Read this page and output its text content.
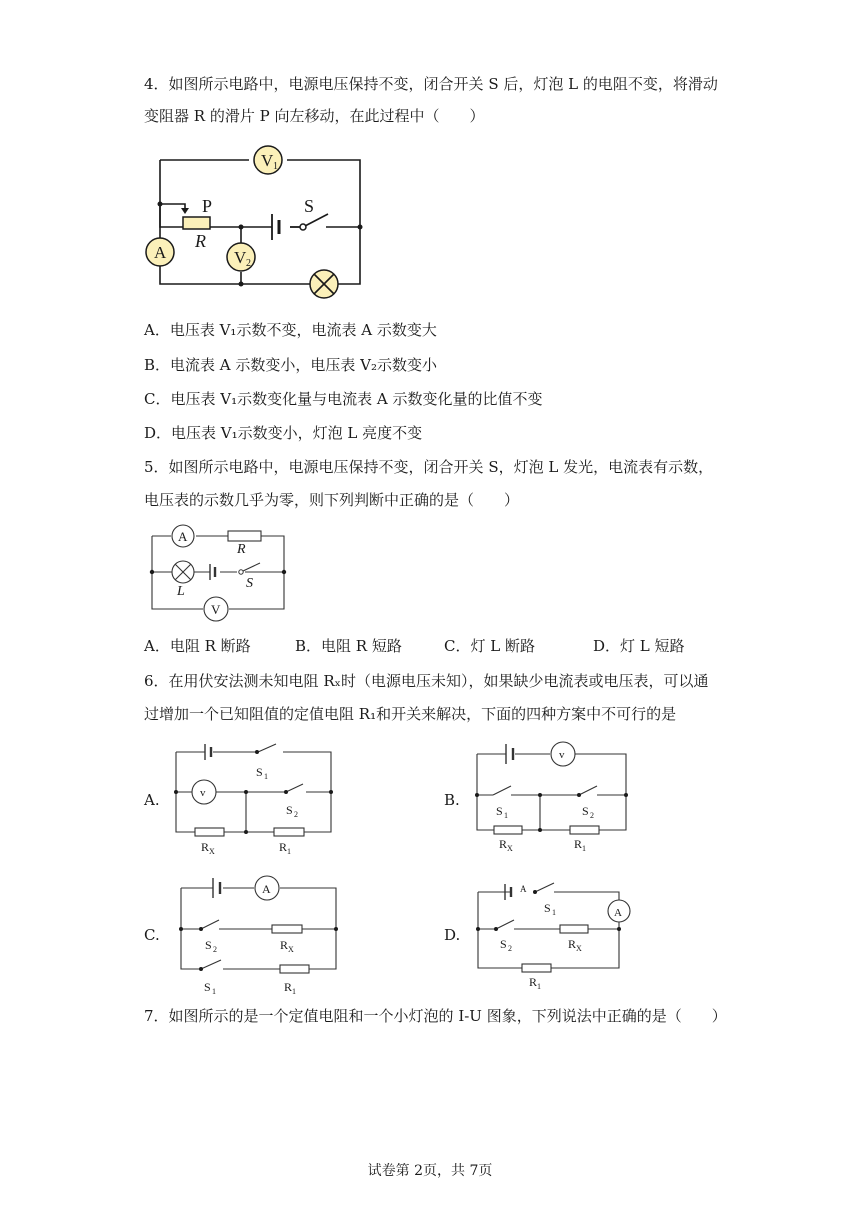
4．如图所示电路中，电源电压保持不变，闭合开关 S 后，灯泡 L 的电阻不变，将滑动
变阻器 R 的滑片 P 向左移动，在此过程中（　　）
V 1
A	V 2
P
R
S
A．电压表 V₁示数不变，电流表 A 示数变大
B．电流表 A 示数变小，电压表 V₂示数变小
C．电压表 V₁示数变化量与电流表 A 示数变化量的比值不变
D．电压表 V₁示数变小，灯泡 L 亮度不变
5．如图所示电路中，电源电压保持不变，闭合开关 S，灯泡 L 发光，电流表有示数，
电压表的示数几乎为零，则下列判断中正确的是（　　）
A
R
L
S
V
A．电阻 R 断路	B．电阻 R 短路	C．灯 L 断路	D．灯 L 短路
6．在用伏安法测未知电阻 Rₓ时（电源电压未知），如果缺少电流表或电压表，可以通
过增加一个已知阻值的定值电阻 R₁和开关来解决，下面的四种方案中不可行的是
A.	B.
C.	D.
v
S 1
S 2
R X	R 1
v
S 1	S 2
R X	R 1
A
S 2	R X
S 1	R 1
A
A
S 1
S 2	R X
R 1
7．如图所示的是一个定值电阻和一个小灯泡的 I-U 图象，下列说法中正确的是（　　）
试卷第 2页，共 7页
